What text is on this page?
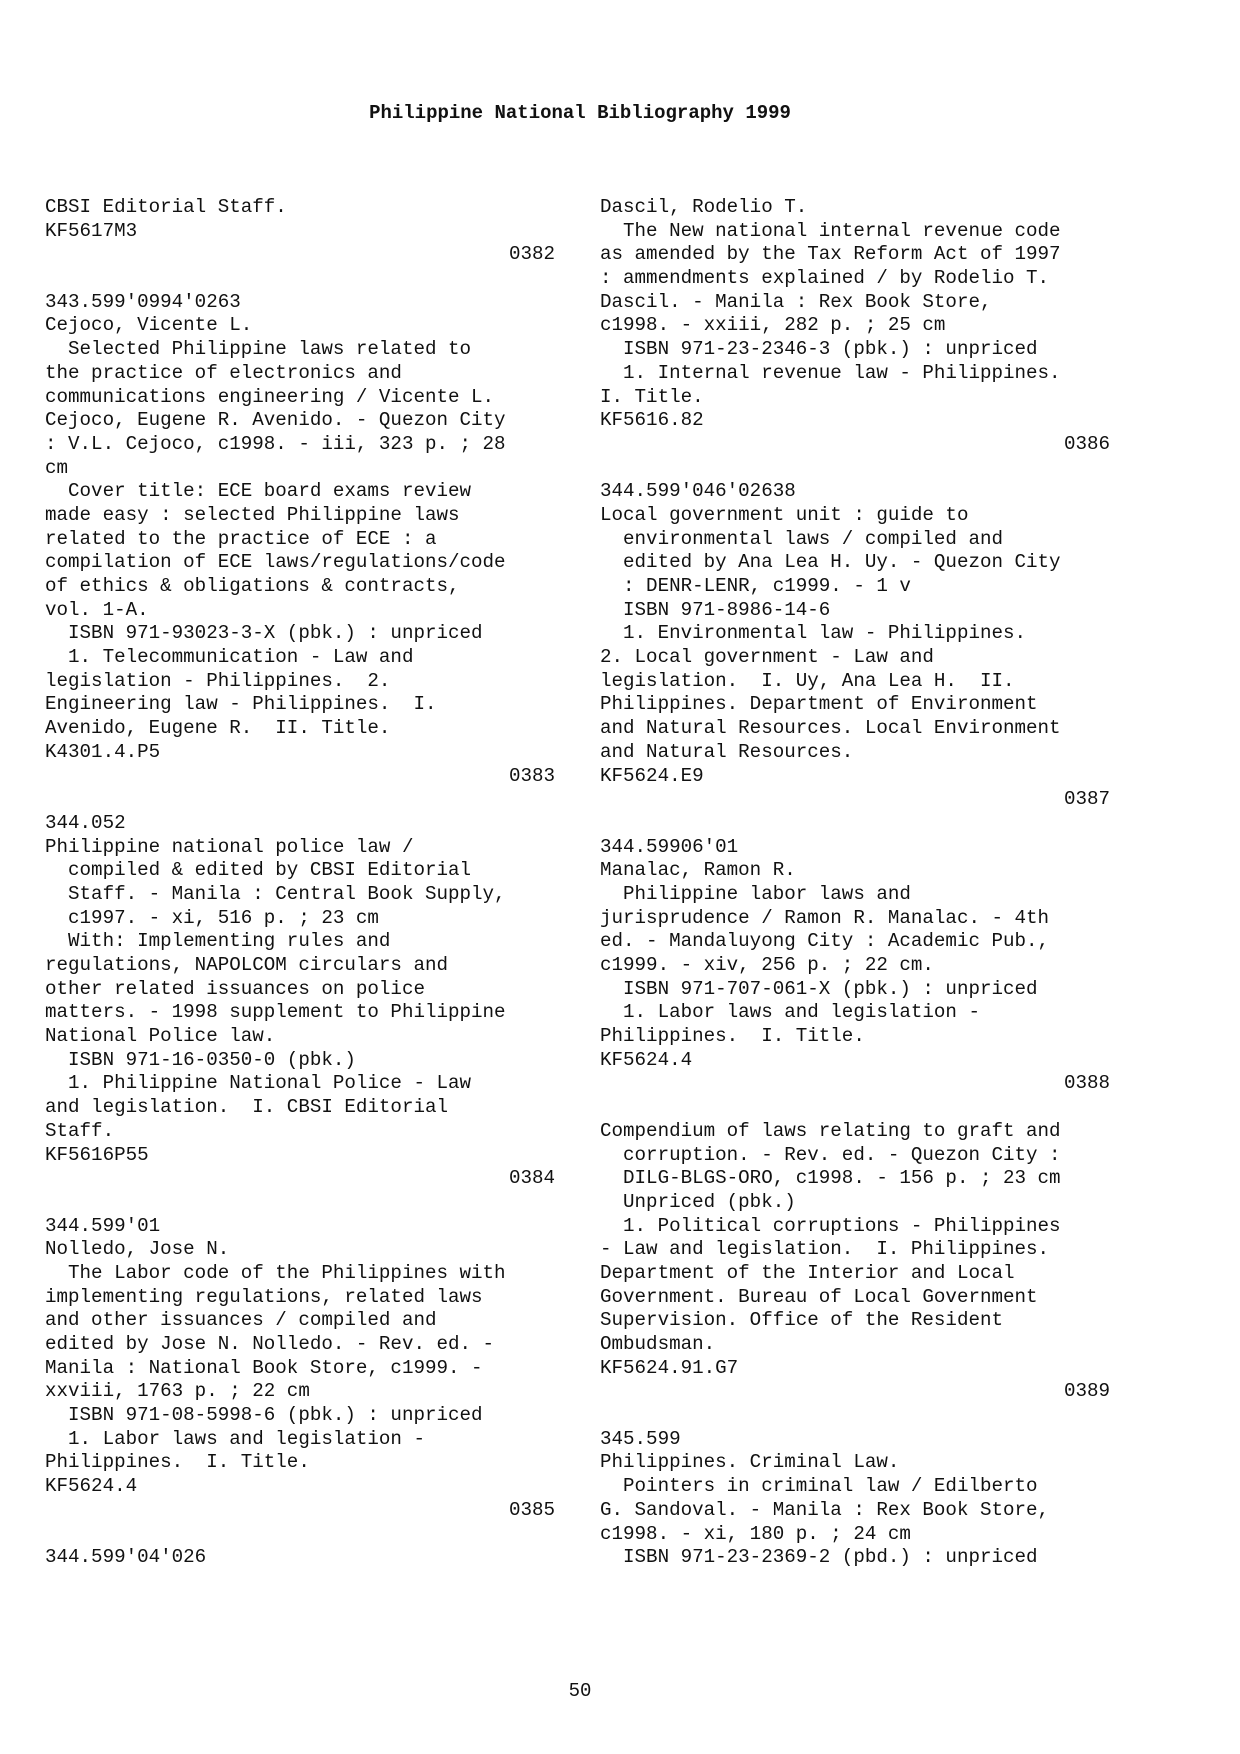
Philippine National Bibliography 1999
CBSI Editorial Staff.
KF5617M3
0382
343.599'0994'0263
Cejoco, Vicente L.
Selected Philippine laws related to
the practice of electronics and
communications engineering / Vicente L.
Cejoco, Eugene R. Avenido. - Quezon City
: V.L. Cejoco, c1998. - iii, 323 p. ; 28
cm
Cover title: ECE board exams review
made easy : selected Philippine laws
related to the practice of ECE : a
compilation of ECE laws/regulations/code
of ethics & obligations & contracts,
vol. 1-A.
ISBN 971-93023-3-X (pbk.) : unpriced
1. Telecommunication - Law and
legislation - Philippines.  2.
Engineering law - Philippines.  I.
Avenido, Eugene R.  II. Title.
K4301.4.P5
0383
344.052
Philippine national police law /
compiled & edited by CBSI Editorial
Staff. - Manila : Central Book Supply,
c1997. - xi, 516 p. ; 23 cm
With: Implementing rules and
regulations, NAPOLCOM circulars and
other related issuances on police
matters. - 1998 supplement to Philippine
National Police law.
ISBN 971-16-0350-0 (pbk.)
1. Philippine National Police - Law
and legislation.  I. CBSI Editorial
Staff.
KF5616P55
0384
344.599'01
Nolledo, Jose N.
The Labor code of the Philippines with
implementing regulations, related laws
and other issuances / compiled and
edited by Jose N. Nolledo. - Rev. ed. -
Manila : National Book Store, c1999. -
xxviii, 1763 p. ; 22 cm
ISBN 971-08-5998-6 (pbk.) : unpriced
1. Labor laws and legislation -
Philippines.  I. Title.
KF5624.4
0385
344.599'04'026
Dascil, Rodelio T.
The New national internal revenue code
as amended by the Tax Reform Act of 1997
: ammendments explained / by Rodelio T.
Dascil. - Manila : Rex Book Store,
c1998. - xxiii, 282 p. ; 25 cm
ISBN 971-23-2346-3 (pbk.) : unpriced
1. Internal revenue law - Philippines.
I. Title.
KF5616.82
0386
344.599'046'02638
Local government unit : guide to
environmental laws / compiled and
edited by Ana Lea H. Uy. - Quezon City
: DENR-LENR, c1999. - 1 v
ISBN 971-8986-14-6
1. Environmental law - Philippines.
2. Local government - Law and
legislation.  I. Uy, Ana Lea H.  II.
Philippines. Department of Environment
and Natural Resources. Local Environment
and Natural Resources.
KF5624.E9
0387
344.59906'01
Manalac, Ramon R.
Philippine labor laws and
jurisprudence / Ramon R. Manalac. - 4th
ed. - Mandaluyong City : Academic Pub.,
c1999. - xiv, 256 p. ; 22 cm.
ISBN 971-707-061-X (pbk.) : unpriced
1. Labor laws and legislation -
Philippines.  I. Title.
KF5624.4
0388
Compendium of laws relating to graft and
corruption. - Rev. ed. - Quezon City :
DILG-BLGS-ORO, c1998. - 156 p. ; 23 cm
Unpriced (pbk.)
1. Political corruptions - Philippines
- Law and legislation.  I. Philippines.
Department of the Interior and Local
Government. Bureau of Local Government
Supervision. Office of the Resident
Ombudsman.
KF5624.91.G7
0389
345.599
Philippines. Criminal Law.
Pointers in criminal law / Edilberto
G. Sandoval. - Manila : Rex Book Store,
c1998. - xi, 180 p. ; 24 cm
ISBN 971-23-2369-2 (pbd.) : unpriced
50
